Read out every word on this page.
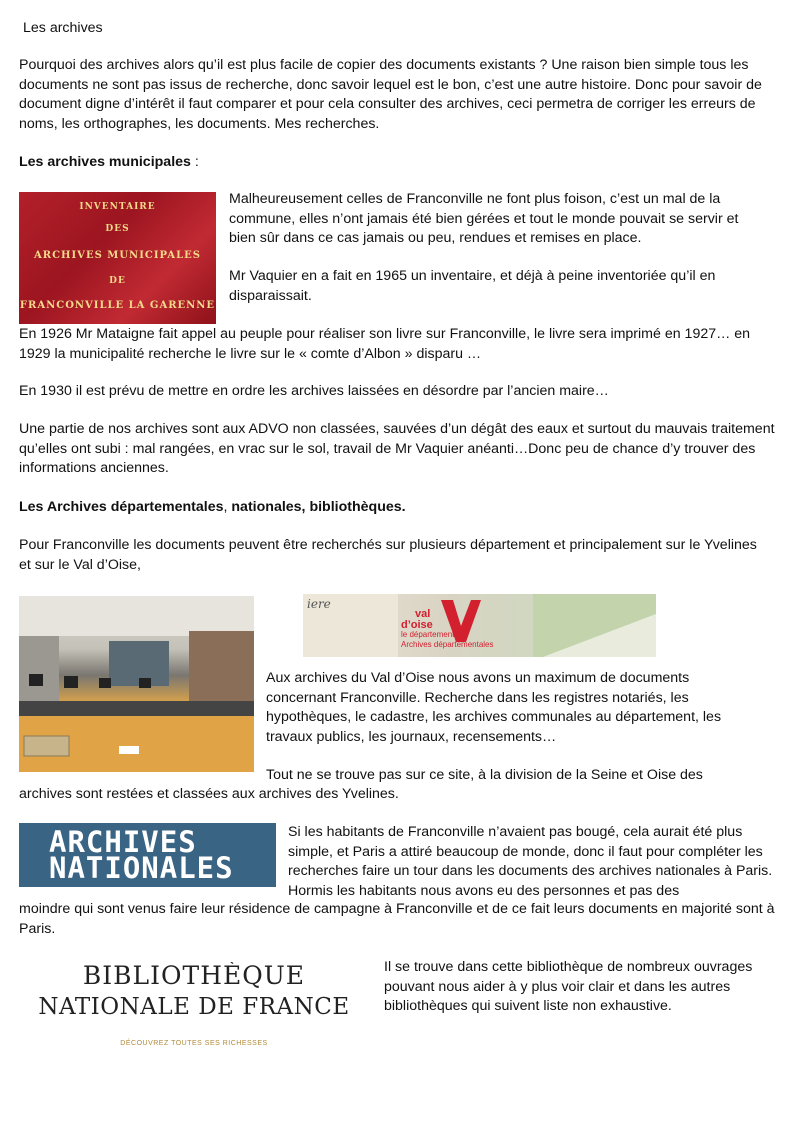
Les archives

Pourquoi des archives alors qu’il est plus facile de copier des documents existants ? Une raison bien simple tous les documents ne sont pas issus de recherche, donc savoir lequel est le bon, c’est une autre histoire. Donc pour savoir de document digne d’intérêt il faut comparer et pour cela consulter des archives, ceci permetra de corriger les erreurs de noms, les orthographes, les documents. Mes recherches.

Les archives municipales :

INVENTAIRE
DES
ARCHIVES MUNICIPALES
DE
FRANCONVILLE LA GARENNE

Malheureusement celles de Franconville ne font plus foison, c’est un mal de la commune, elles n’ont jamais été bien gérées et tout le monde pouvait se servir et bien sûr dans ce cas jamais ou peu, rendues et remises en place.

Mr Vaquier en a fait en 1965 un inventaire, et déjà à peine inventoriée qu’il en disparaissait.

En 1926 Mr Mataigne fait appel au peuple pour réaliser son livre sur Franconville, le livre sera imprimé en 1927… en 1929 la municipalité recherche le livre sur le « comte d’Albon » disparu …

En 1930 il est prévu de mettre en ordre les archives laissées en désordre par l’ancien maire…

Une partie de nos archives sont aux ADVO non classées, sauvées d’un dégât des eaux et surtout du mauvais traitement qu’elles ont subi : mal rangées, en vrac sur le sol, travail de Mr Vaquier anéanti…Donc peu de chance d’y trouver des informations anciennes.

Les Archives départementales, nationales, bibliothèques.

Pour Franconville les documents peuvent être recherchés sur plusieurs département et principalement sur le Yvelines et sur le Val d’Oise,

iere
val
d’oise
le département
Archives départementales

Aux archives du Val d’Oise nous avons un maximum de documents concernant Franconville. Recherche dans les registres notariés, les hypothèques, le cadastre, les archives communales au département, les travaux publics, les journaux, recensements…

Tout ne se trouve pas sur ce site, à la division de la Seine et Oise des

archives sont restées et classées aux archives des Yvelines.

ARCHIVES
NATIONALES

Si les habitants de Franconville n’avaient pas bougé, cela aurait été plus simple, et Paris a attiré beaucoup de monde, donc il faut pour compléter les recherches faire un tour dans les documents des archives nationales à Paris. Hormis les habitants nous avons eu des personnes et pas des

moindre qui sont venus faire leur résidence de campagne à Franconville et de ce fait leurs documents en majorité sont à Paris.

BIBLIOTHÈQUE
NATIONALE DE FRANCE
DÉCOUVREZ TOUTES SES RICHESSES

Il se trouve dans cette bibliothèque de nombreux ouvrages pouvant nous aider à y plus voir clair et dans les autres bibliothèques qui suivent liste non exhaustive.
